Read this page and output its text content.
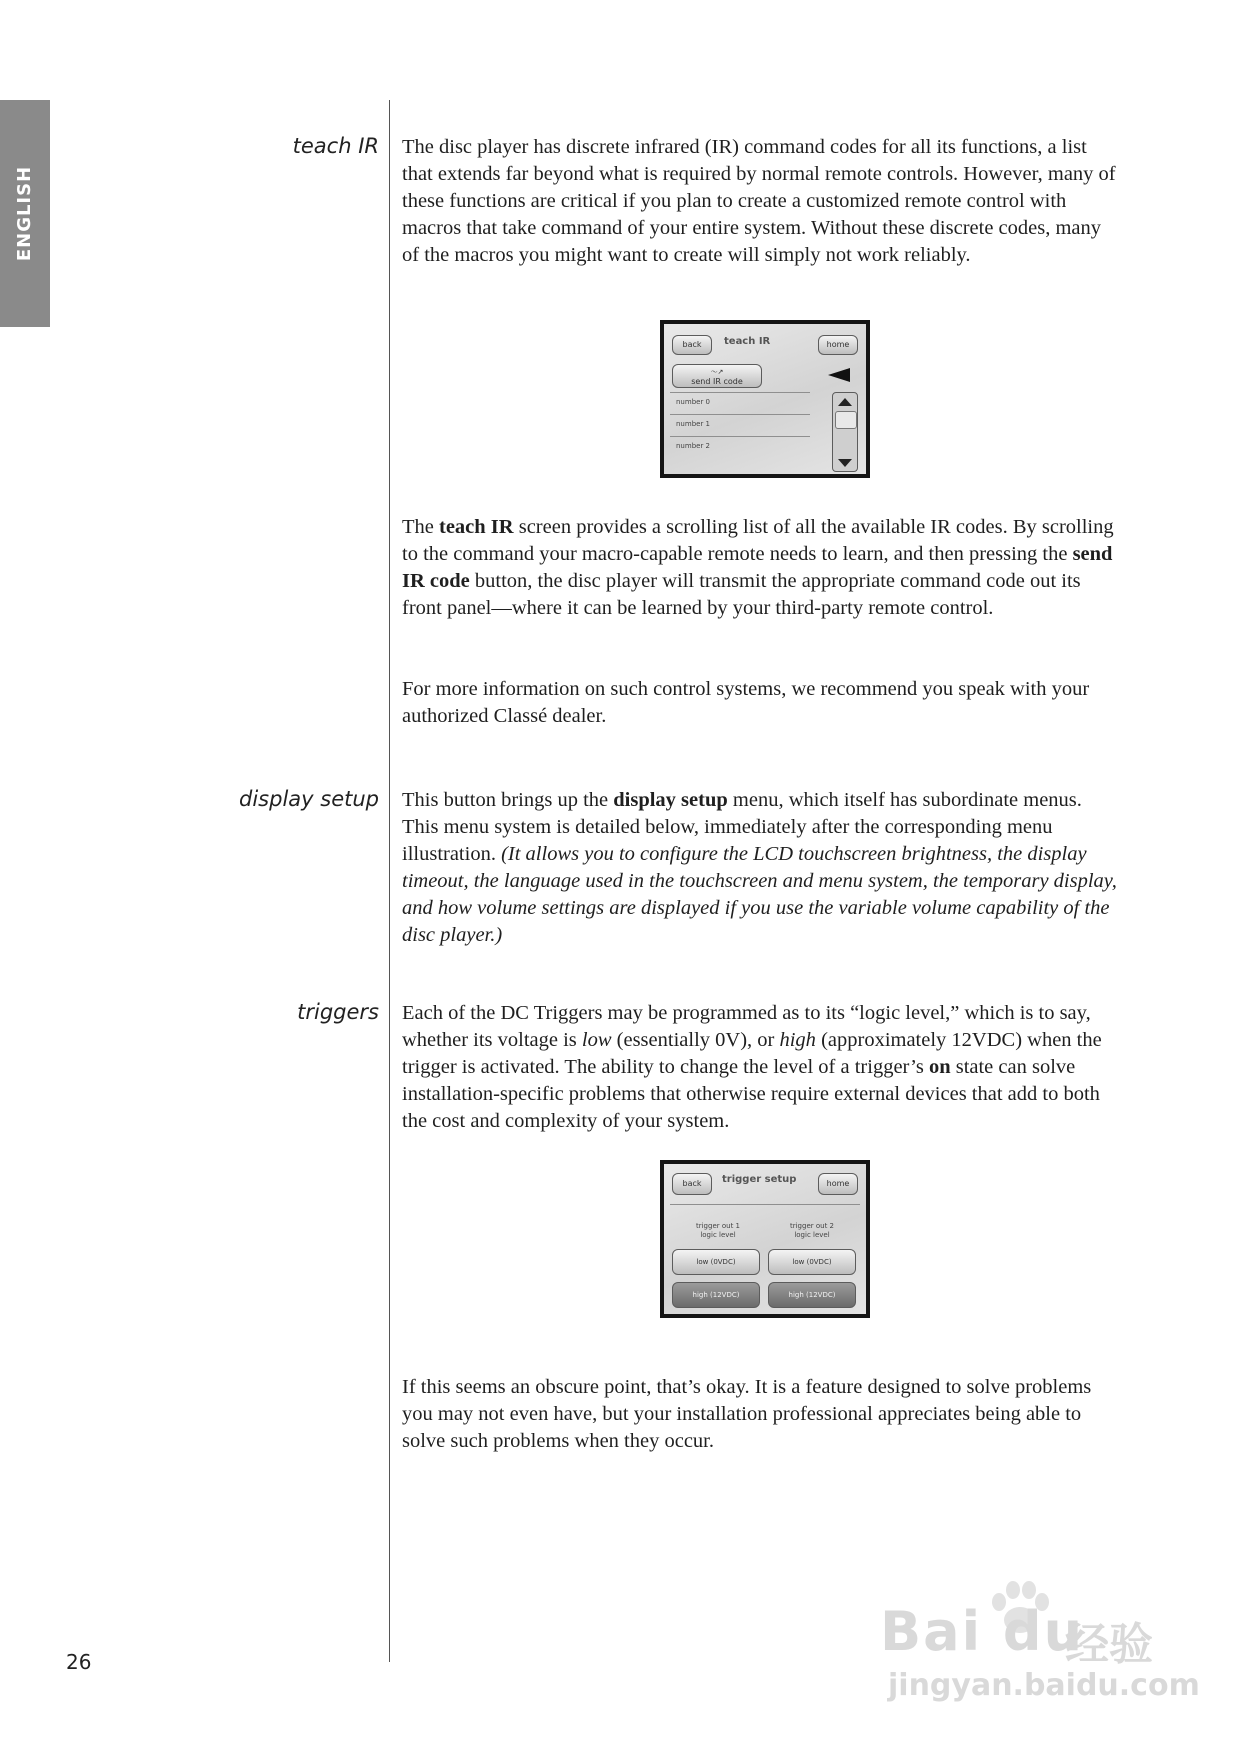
ENGLISH
teach IR The disc player has discrete infrared (IR) command codes for all its functions, a list that extends far beyond what is required by normal remote controls. However, many of these functions are critical if you plan to create a customized remote control with macros that take command of your entire system. Without these discrete codes, many of the macros you might want to create will simply not work reliably.

back	teach IR	home
〜↗
send IR code
number 0
number 1
number 2

The teach IR screen provides a scrolling list of all the available IR codes. By scrolling to the command your macro-capable remote needs to learn, and then pressing the send IR code button, the disc player will transmit the appropriate command code out its front panel—where it can be learned by your third-party remote control.

For more information on such control systems, we recommend you speak with your authorized Classé dealer.

display setup This button brings up the display setup menu, which itself has subordinate menus. This menu system is detailed below, immediately after the corresponding menu illustration. (It allows you to configure the LCD touchscreen brightness, the display timeout, the language used in the touchscreen and menu system, the temporary display, and how volume settings are displayed if you use the variable volume capability of the disc player.)

triggers Each of the DC Triggers may be programmed as to its “logic level,” which is to say, whether its voltage is low (essentially 0V), or high (approximately 12VDC) when the trigger is activated. The ability to change the level of a trigger’s on state can solve installation-specific problems that otherwise require external devices that add to both the cost and complexity of your system.

back	trigger setup	home
trigger out 1
logic level
trigger out 2
logic level
low (0VDC)	low (0VDC)
high (12VDC)	high (12VDC)

If this seems an obscure point, that’s okay. It is a feature designed to solve problems you may not even have, but your installation professional appreciates being able to solve such problems when they occur.

26	Bai du
经验
jingyan.baidu.com
